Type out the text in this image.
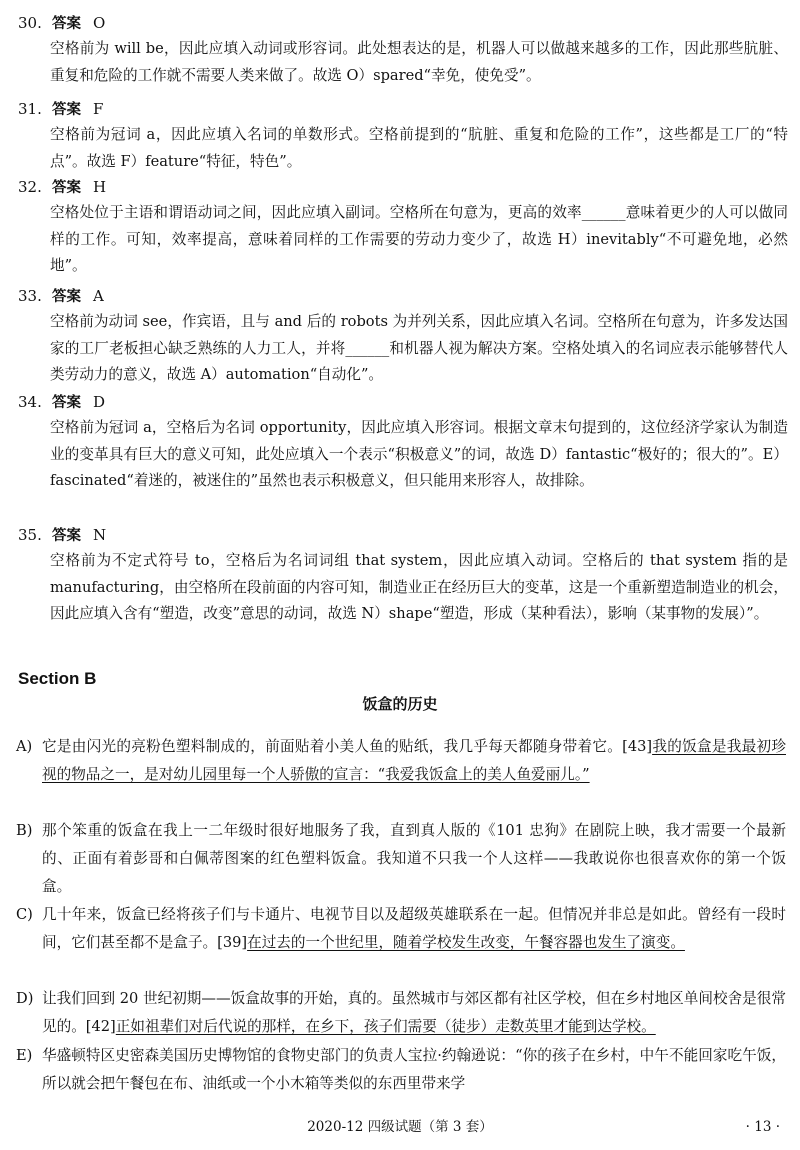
30. 答案 O
空格前为 will be，因此应填入动词或形容词。此处想表达的是，机器人可以做越来越多的工作，因此那些肮脏、重复和危险的工作就不需要人类来做了。故选 O）spared“幸免，使免受”。
31. 答案 F
空格前为冠词 a，因此应填入名词的单数形式。空格前提到的“肮脏、重复和危险的工作”，这些都是工厂的“特点”。故选 F）feature“特征，特色”。
32. 答案 H
空格处位于主语和谓语动词之间，因此应填入副词。空格所在句意为，更高的效率______意味着更少的人可以做同样的工作。可知，效率提高，意味着同样的工作需要的劳动力变少了，故选 H）inevitably“不可避免地，必然地”。
33. 答案 A
空格前为动词 see，作宾语，且与 and 后的 robots 为并列关系，因此应填入名词。空格所在句意为，许多发达国家的工厂老板担心缺乏熟练的人力工人，并将______和机器人视为解决方案。空格处填入的名词应表示能够替代人类劳动力的意义，故选 A）automation“自动化”。
34. 答案 D
空格前为冠词 a，空格后为名词 opportunity，因此应填入形容词。根据文章末句提到的，这位经济学家认为制造业的变革具有巨大的意义可知，此处应填入一个表示“积极意义”的词，故选 D）fantastic“极好的；很大的”。E）fascinated“着迷的，被迷住的”虽然也表示积极意义，但只能用来形容人，故排除。
35. 答案 N
空格前为不定式符号 to，空格后为名词词组 that system，因此应填入动词。空格后的 that system 指的是 manufacturing，由空格所在段前面的内容可知，制造业正在经历巨大的变革，这是一个重新塑造制造业的机会，因此应填入含有“塑造，改变”意思的动词，故选 N）shape“塑造，形成（某种看法），影响（某事物的发展）”。
Section B
饭盒的历史
A) 它是由闪光的亮粉色塑料制成的，前面贴着小美人鱼的贴纸，我几乎每天都随身带着它。[43]我的饭盒是我最初珍视的物品之一，是对幼儿园里每一个人骄傲的宣言：“我爱我饭盒上的美人鱼爱丽儿。”
B) 那个笨重的饭盒在我上一二年级时很好地服务了我，直到真人版的《101 忠狗》在剧院上映，我才需要一个最新的、正面有着彭哥和白佩蒂图案的红色塑料饭盒。我知道不只我一个人这样——我敢说你也很喜欢你的第一个饭盒。
C) 几十年来，饭盒已经将孩子们与卡通片、电视节目以及超级英雄联系在一起。但情况并非总是如此。曾经有一段时间，它们甚至都不是盒子。[39]在过去的一个世纪里，随着学校发生改变，午餐容器也发生了演变。
D) 让我们回到 20 世纪初期——饭盒故事的开始，真的。虽然城市与郊区都有社区学校，但在乡村地区单间校舍是很常见的。[42]正如祖辈们对后代说的那样，在乡下，孩子们需要（徒步）走数英里才能到达学校。
E) 华盛顿特区史密森美国历史博物馆的食物史部门的负责人宝拉·约翰逊说：“你的孩子在乡村，中午不能回家吃午饭，所以就会把午餐包在布、油纸或一个小木箱等类似的东西里带来学
2020-12 四级试题（第 3 套）	· 13 ·
